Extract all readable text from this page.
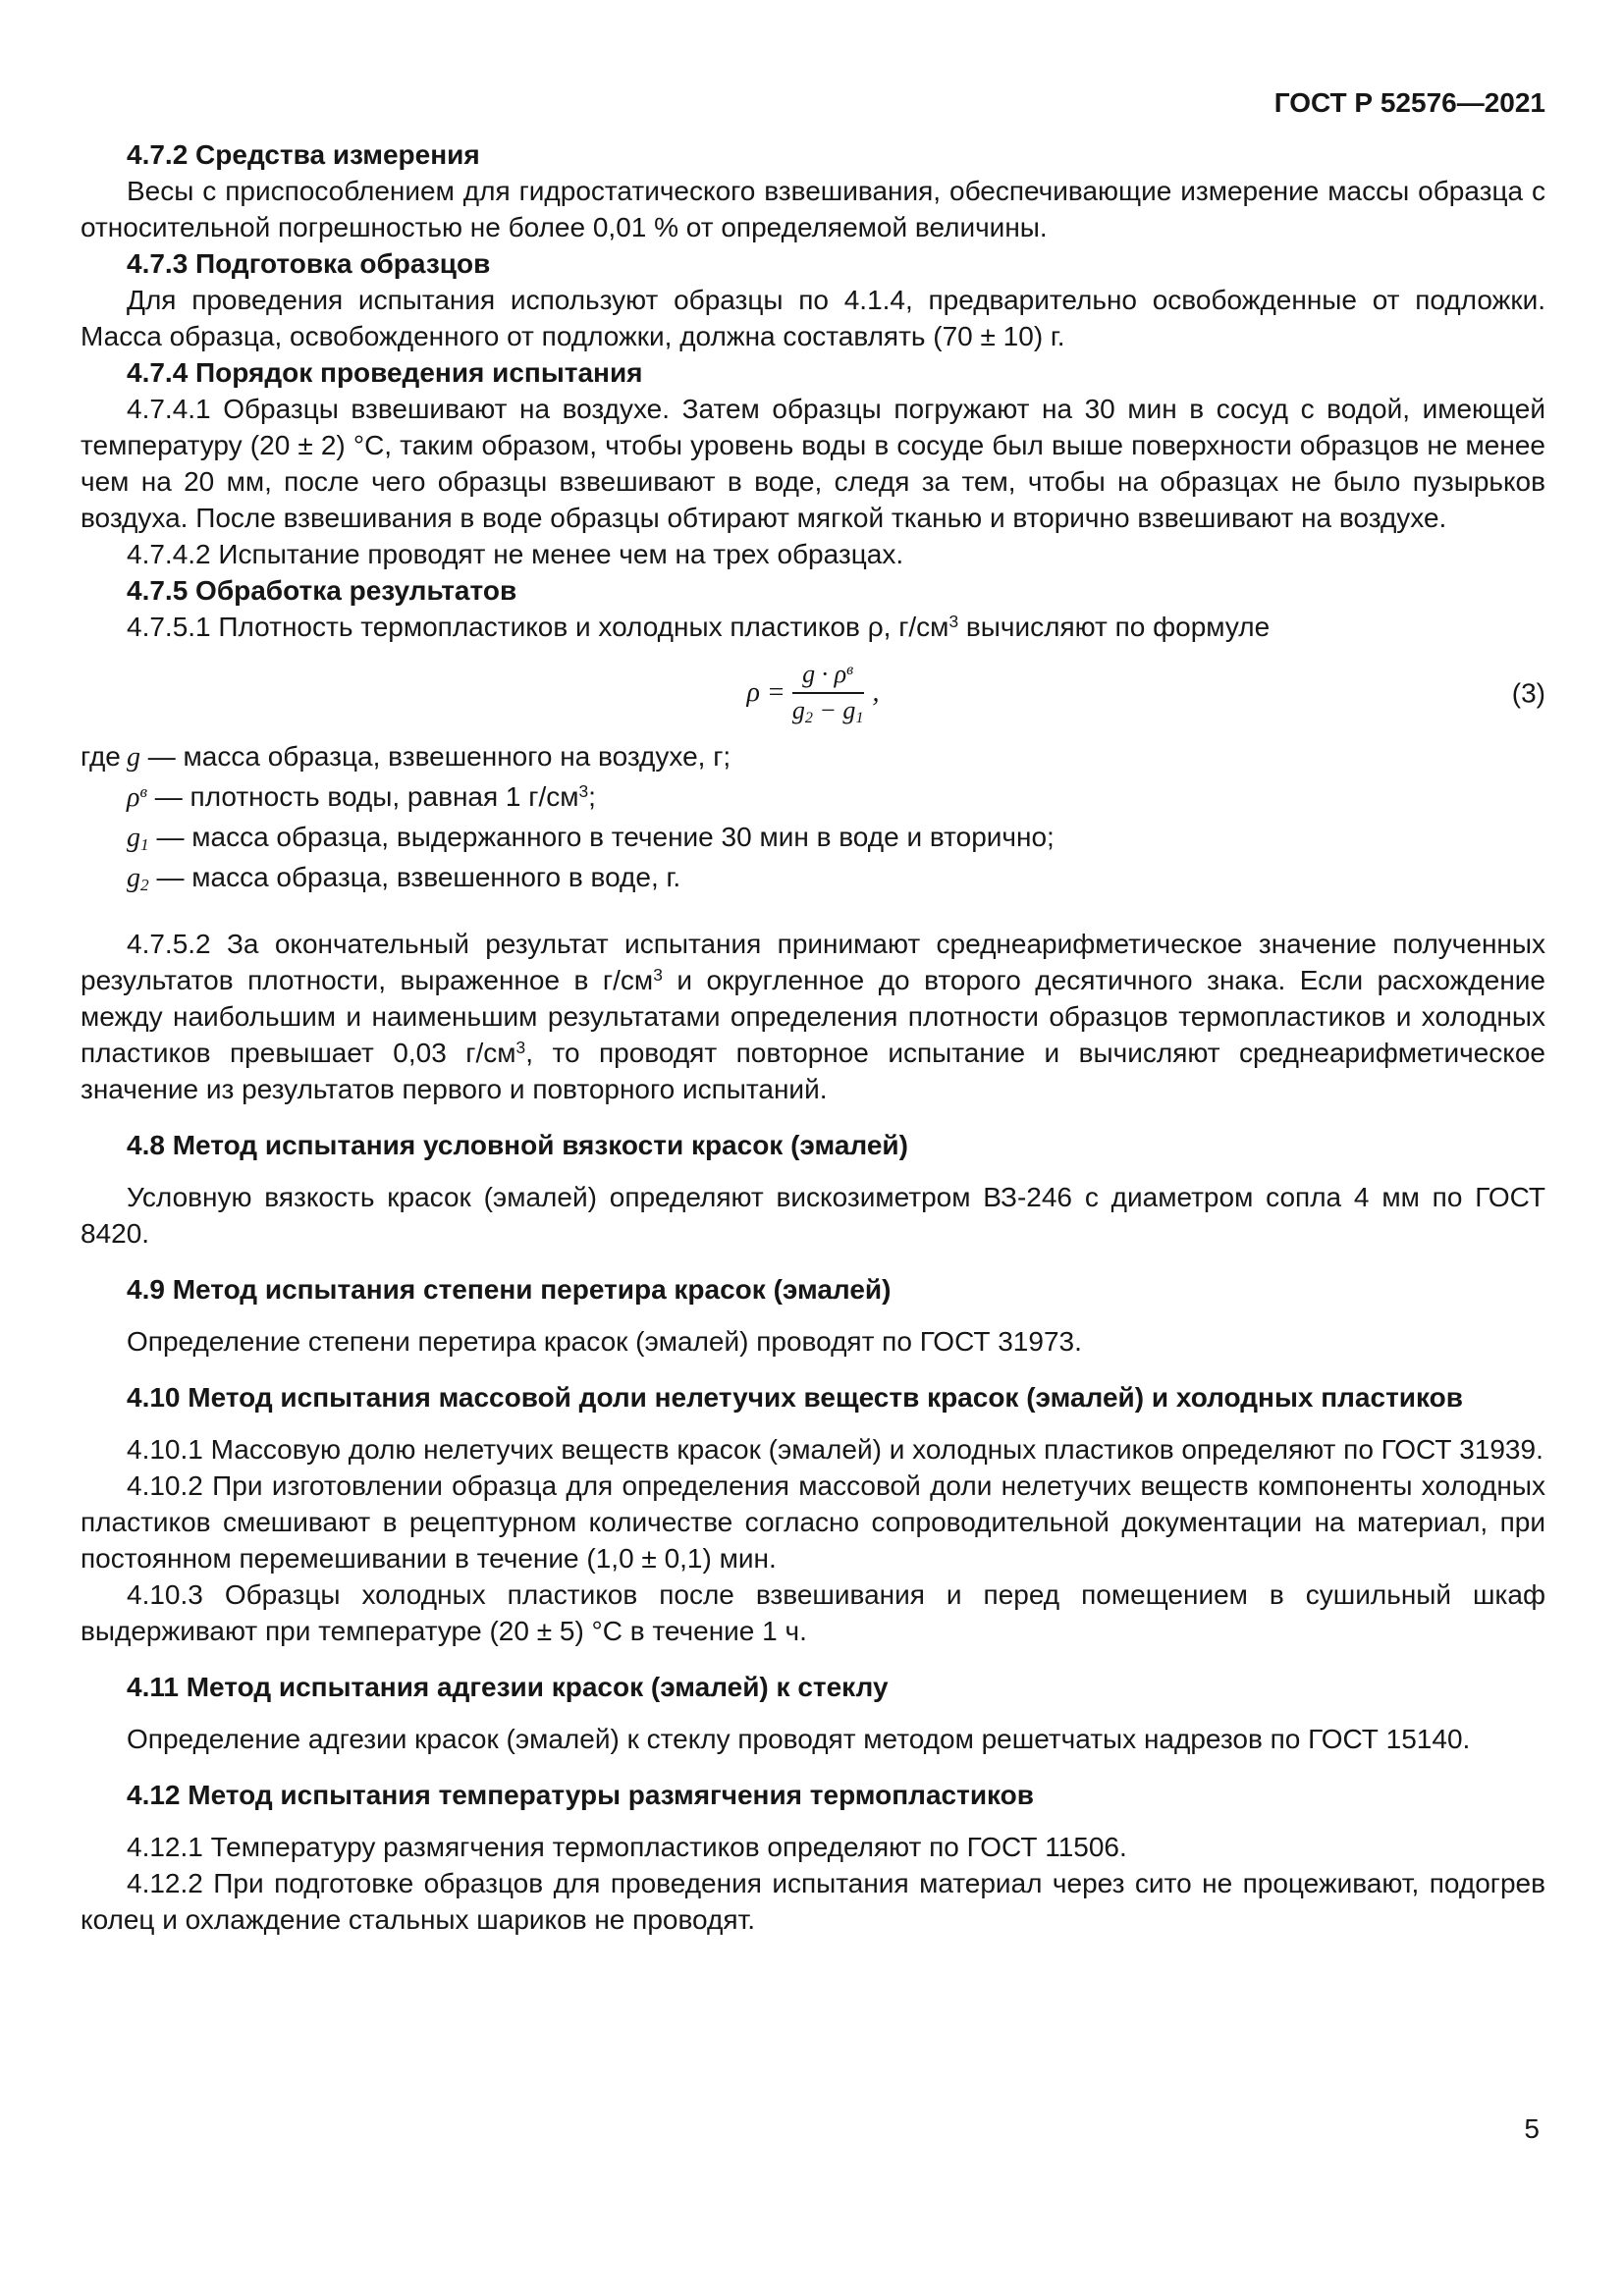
ГОСТ Р 52576—2021

4.7.2 Средства измерения

Весы с приспособлением для гидростатического взвешивания, обеспечивающие измерение массы образца с относительной погрешностью не более 0,01 % от определяемой величины.

4.7.3 Подготовка образцов

Для проведения испытания используют образцы по 4.1.4, предварительно освобожденные от подложки. Масса образца, освобожденного от подложки, должна составлять (70 ± 10) г.

4.7.4 Порядок проведения испытания

4.7.4.1 Образцы взвешивают на воздухе. Затем образцы погружают на 30 мин в сосуд с водой, имеющей температуру (20 ± 2) °С, таким образом, чтобы уровень воды в сосуде был выше поверхности образцов не менее чем на 20 мм, после чего образцы взвешивают в воде, следя за тем, чтобы на образцах не было пузырьков воздуха. После взвешивания в воде образцы обтирают мягкой тканью и вторично взвешивают на воздухе.

4.7.4.2 Испытание проводят не менее чем на трех образцах.

4.7.5 Обработка результатов

4.7.5.1 Плотность термопластиков и холодных пластиков ρ, $г/см^3$ вычисляют по формуле

$\rho = \frac{g \cdot \rho^в}{g_2 - g_1}$ ,	(3)
где g — масса образца, взвешенного на воздухе, г;
$\rho^в$ — плотность воды, равная 1 $г/см^3$;
$g_1$ — масса образца, выдержанного в течение 30 мин в воде и вторично;
$g_2$ — масса образца, взвешенного в воде, г.

4.7.5.2 За окончательный результат испытания принимают среднеарифметическое значение полученных результатов плотности, выраженное в $г/см^3$ и округленное до второго десятичного знака. Если расхождение между наибольшим и наименьшим результатами определения плотности образцов термопластиков и холодных пластиков превышает 0,03 $г/см^3$, то проводят повторное испытание и вычисляют среднеарифметическое значение из результатов первого и повторного испытаний.

4.8 Метод испытания условной вязкости красок (эмалей)

Условную вязкость красок (эмалей) определяют вискозиметром ВЗ-246 с диаметром сопла 4 мм по ГОСТ 8420.

4.9 Метод испытания степени перетира красок (эмалей)

Определение степени перетира красок (эмалей) проводят по ГОСТ 31973.

4.10 Метод испытания массовой доли нелетучих веществ красок (эмалей) и холодных пластиков

4.10.1 Массовую долю нелетучих веществ красок (эмалей) и холодных пластиков определяют по ГОСТ 31939.

4.10.2 При изготовлении образца для определения массовой доли нелетучих веществ компоненты холодных пластиков смешивают в рецептурном количестве согласно сопроводительной документации на материал, при постоянном перемешивании в течение (1,0 ± 0,1) мин.

4.10.3 Образцы холодных пластиков после взвешивания и перед помещением в сушильный шкаф выдерживают при температуре (20 ± 5) °С в течение 1 ч.

4.11 Метод испытания адгезии красок (эмалей) к стеклу

Определение адгезии красок (эмалей) к стеклу проводят методом решетчатых надрезов по ГОСТ 15140.

4.12 Метод испытания температуры размягчения термопластиков

4.12.1 Температуру размягчения термопластиков определяют по ГОСТ 11506.

4.12.2 При подготовке образцов для проведения испытания материал через сито не процеживают, подогрев колец и охлаждение стальных шариков не проводят.

5
